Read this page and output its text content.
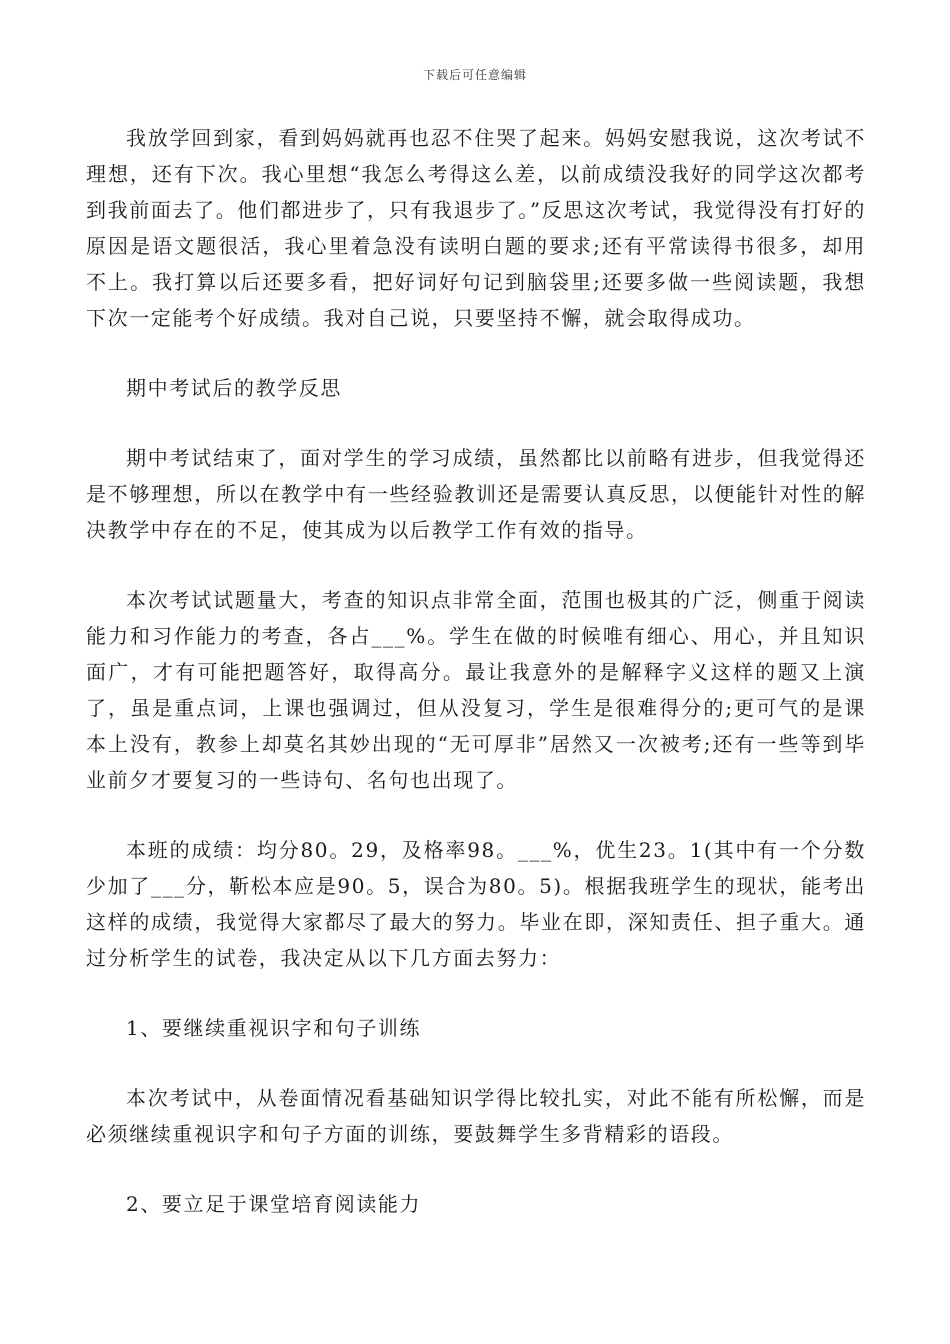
下载后可任意编辑

我放学回到家，看到妈妈就再也忍不住哭了起来。妈妈安慰我说，这次考试不理想，还有下次。我心里想“我怎么考得这么差，以前成绩没我好的同学这次都考到我前面去了。他们都进步了，只有我退步了。”反思这次考试，我觉得没有打好的原因是语文题很活，我心里着急没有读明白题的要求;还有平常读得书很多，却用不上。我打算以后还要多看，把好词好句记到脑袋里;还要多做一些阅读题，我想下次一定能考个好成绩。我对自己说，只要坚持不懈，就会取得成功。

期中考试后的教学反思

期中考试结束了，面对学生的学习成绩，虽然都比以前略有进步，但我觉得还是不够理想，所以在教学中有一些经验教训还是需要认真反思，以便能针对性的解决教学中存在的不足，使其成为以后教学工作有效的指导。

本次考试试题量大，考查的知识点非常全面，范围也极其的广泛，侧重于阅读能力和习作能力的考查，各占___%。学生在做的时候唯有细心、用心，并且知识面广，才有可能把题答好，取得高分。最让我意外的是解释字义这样的题又上演了，虽是重点词，上课也强调过，但从没复习，学生是很难得分的;更可气的是课本上没有，教参上却莫名其妙出现的“无可厚非”居然又一次被考;还有一些等到毕业前夕才要复习的一些诗句、名句也出现了。

本班的成绩：均分80。29，及格率98。___%，优生23。1(其中有一个分数少加了___分，靳松本应是90。5，误合为80。5)。根据我班学生的现状，能考出这样的成绩，我觉得大家都尽了最大的努力。毕业在即，深知责任、担子重大。通过分析学生的试卷，我决定从以下几方面去努力：

1、要继续重视识字和句子训练

本次考试中，从卷面情况看基础知识学得比较扎实，对此不能有所松懈，而是必须继续重视识字和句子方面的训练，要鼓舞学生多背精彩的语段。

2、要立足于课堂培育阅读能力
